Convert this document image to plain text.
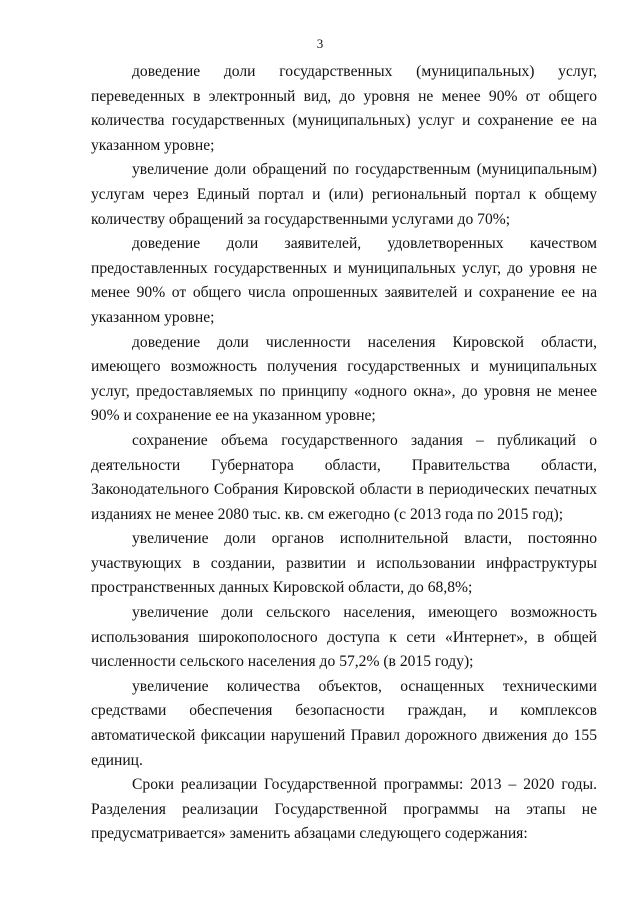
3

доведение доли государственных (муниципальных) услуг, переведенных в электронный вид, до уровня не менее 90% от общего количества государственных (муниципальных) услуг и сохранение ее на указанном уровне;

увеличение доли обращений по государственным (муниципальным) услугам через Единый портал и (или) региональный портал к общему количеству обращений за государственными услугами до 70%;

доведение доли заявителей, удовлетворенных качеством предоставленных государственных и муниципальных услуг, до уровня не менее 90% от общего числа опрошенных заявителей и сохранение ее на указанном уровне;

доведение доли численности населения Кировской области, имеющего возможность получения государственных и муниципальных услуг, предоставляемых по принципу «одного окна», до уровня не менее 90% и сохранение ее на указанном уровне;

сохранение объема государственного задания – публикаций о деятельности Губернатора области, Правительства области, Законодательного Собрания Кировской области в периодических печатных изданиях не менее 2080 тыс. кв. см ежегодно (с 2013 года по 2015 год);

увеличение доли органов исполнительной власти, постоянно участвующих в создании, развитии и использовании инфраструктуры пространственных данных Кировской области, до 68,8%;

увеличение доли сельского населения, имеющего возможность использования широкополосного доступа к сети «Интернет», в общей численности сельского населения до 57,2% (в 2015 году);

увеличение количества объектов, оснащенных техническими средствами обеспечения безопасности граждан, и комплексов автоматической фиксации нарушений Правил дорожного движения до 155 единиц.

Сроки реализации Государственной программы: 2013 – 2020 годы. Разделения реализации Государственной программы на этапы не предусматривается» заменить абзацами следующего содержания:
